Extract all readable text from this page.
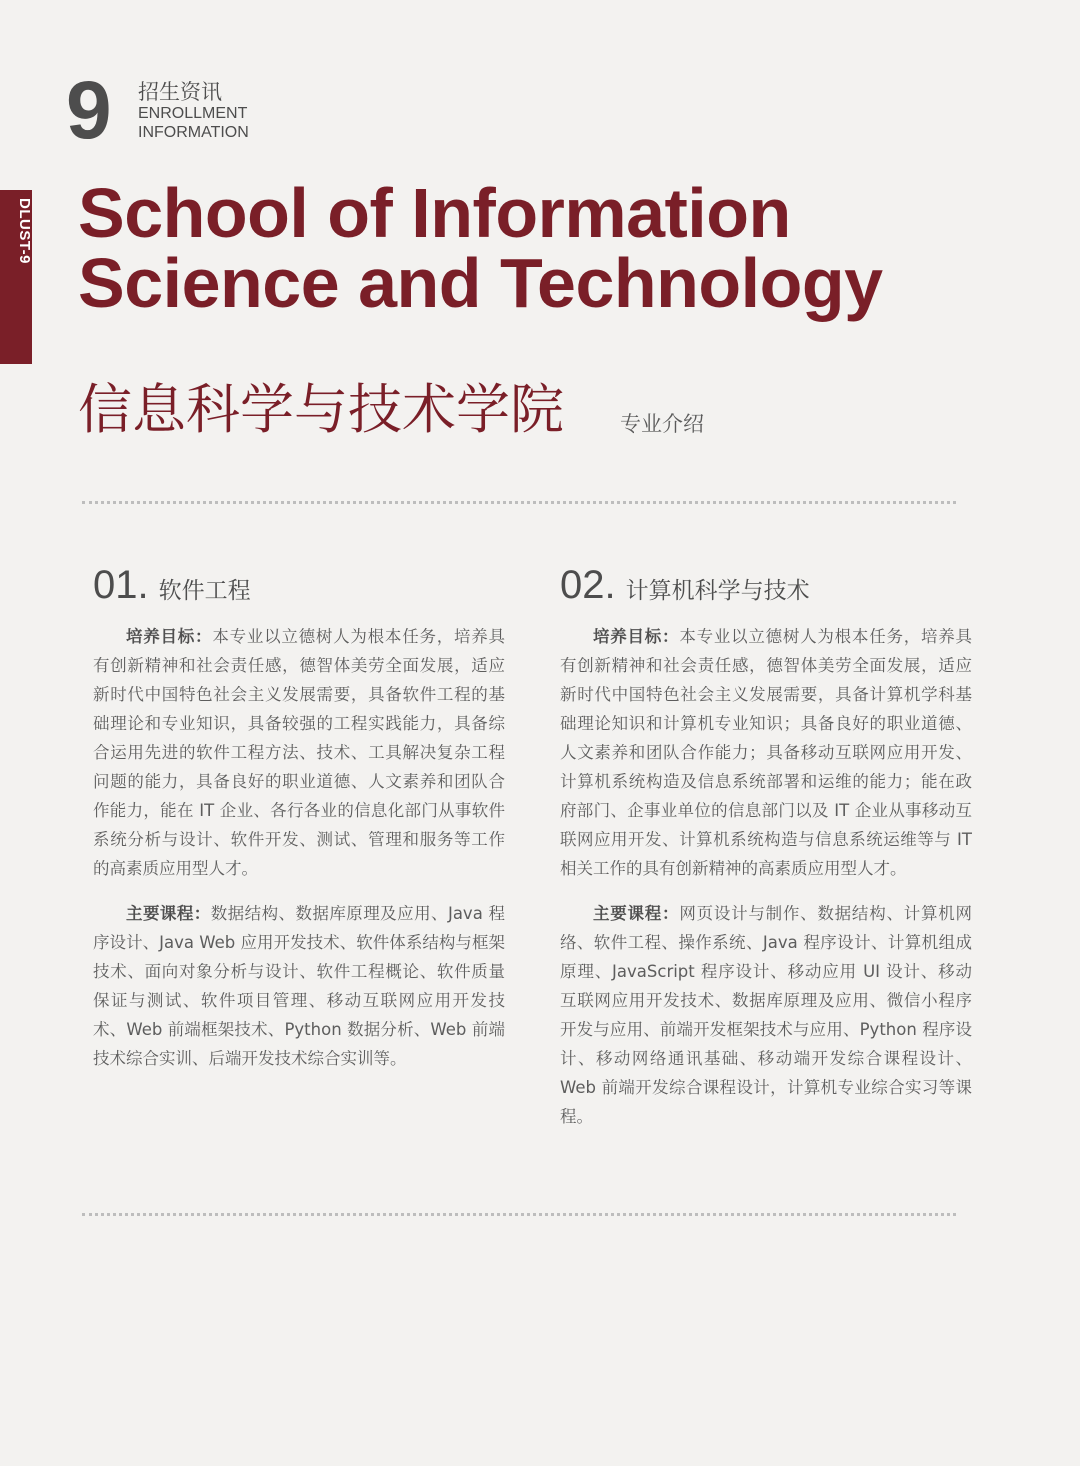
9 招生资讯
ENROLLMENT
INFORMATION
DLUST-9 School of Information
Science and Technology
信息科学与技术学院	专业介绍
01. 软件工程

培养目标：本专业以立德树人为根本任务，培养具有创新精神和社会责任感，德智体美劳全面发展，适应新时代中国特色社会主义发展需要，具备软件工程的基础理论和专业知识，具备较强的工程实践能力，具备综合运用先进的软件工程方法、技术、工具解决复杂工程问题的能力，具备良好的职业道德、人文素养和团队合作能力，能在 IT 企业、各行各业的信息化部门从事软件系统分析与设计、软件开发、测试、管理和服务等工作的高素质应用型人才。

主要课程：数据结构、数据库原理及应用、Java 程序设计、Java Web 应用开发技术、软件体系结构与框架技术、面向对象分析与设计、软件工程概论、软件质量保证与测试、软件项目管理、移动互联网应用开发技术、Web 前端框架技术、Python 数据分析、Web 前端技术综合实训、后端开发技术综合实训等。

02. 计算机科学与技术

培养目标：本专业以立德树人为根本任务，培养具有创新精神和社会责任感，德智体美劳全面发展，适应新时代中国特色社会主义发展需要，具备计算机学科基础理论知识和计算机专业知识；具备良好的职业道德、人文素养和团队合作能力；具备移动互联网应用开发、计算机系统构造及信息系统部署和运维的能力；能在政府部门、企事业单位的信息部门以及 IT 企业从事移动互联网应用开发、计算机系统构造与信息系统运维等与 IT 相关工作的具有创新精神的高素质应用型人才。

主要课程：网页设计与制作、数据结构、计算机网络、软件工程、操作系统、Java 程序设计、计算机组成原理、JavaScript 程序设计、移动应用 UI 设计、移动互联网应用开发技术、数据库原理及应用、微信小程序开发与应用、前端开发框架技术与应用、Python 程序设计、移动网络通讯基础、移动端开发综合课程设计、Web 前端开发综合课程设计，计算机专业综合实习等课程。
